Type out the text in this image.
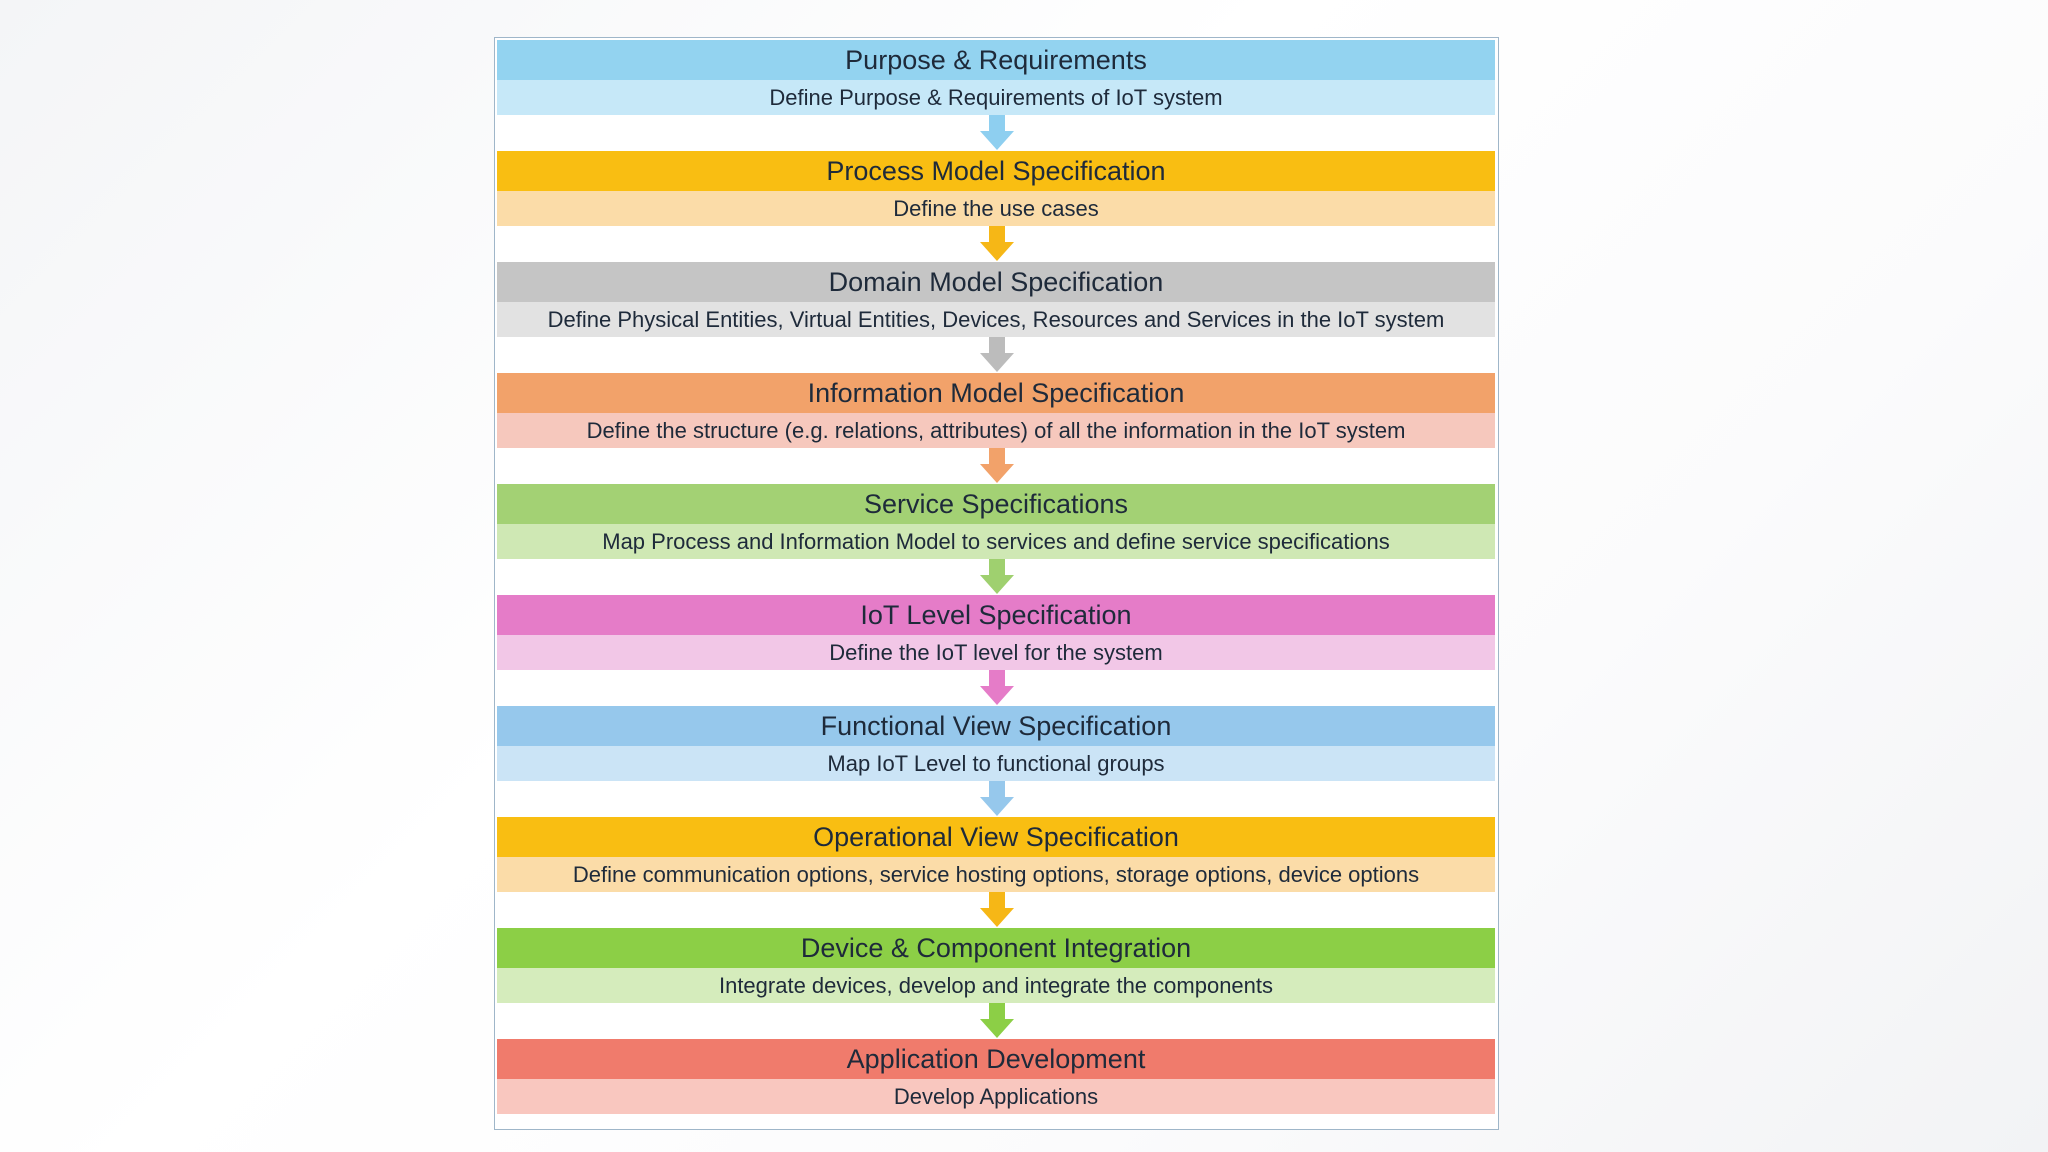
Purpose & Requirements
Define Purpose & Requirements of IoT system
Process Model Specification
Define the use cases
Domain Model Specification
Define Physical Entities, Virtual Entities, Devices, Resources and Services in the IoT system
Information Model Specification
Define the structure (e.g. relations, attributes) of all the information in the IoT system
Service Specifications
Map Process and Information Model to services and define service specifications
IoT Level Specification
Define the IoT level for the system
Functional View Specification
Map IoT Level to functional groups
Operational View Specification
Define communication options, service hosting options, storage options, device options
Device & Component Integration
Integrate devices, develop and integrate the components
Application Development
Develop Applications
